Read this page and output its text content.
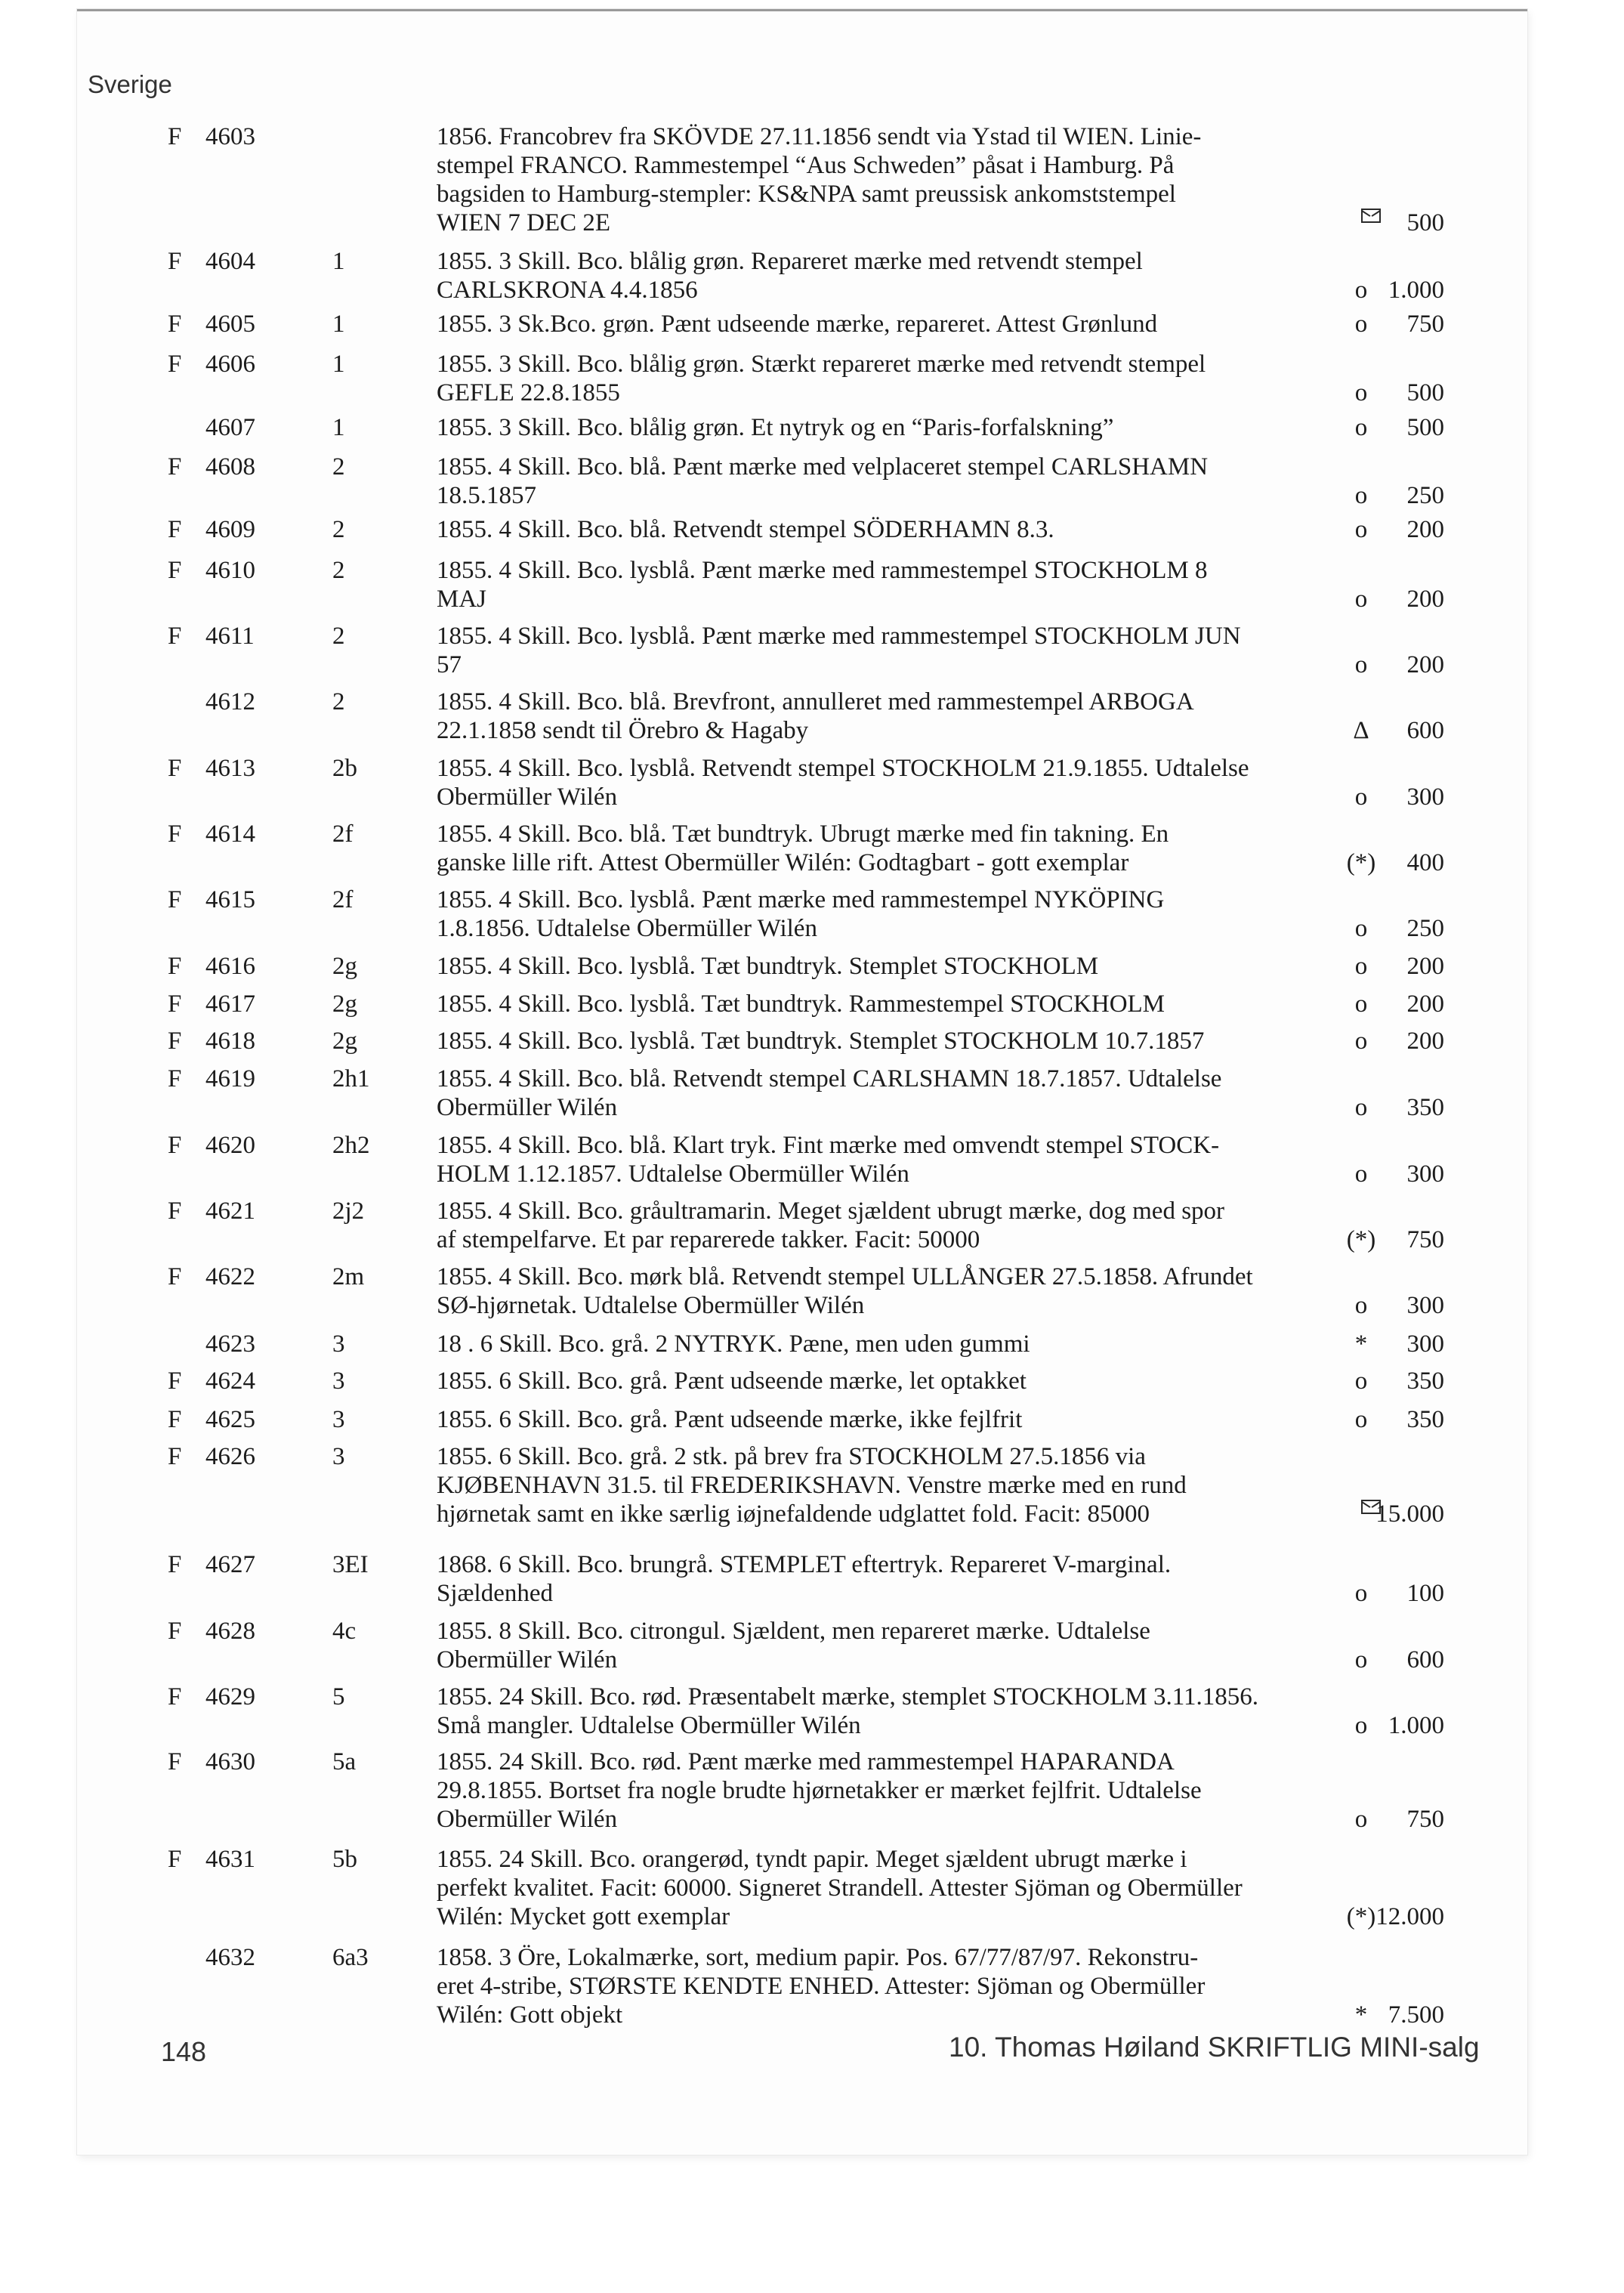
Sverige
F 4603	1856. Francobrev fra SKÖVDE 27.11.1856 sendt via Ystad til WIEN. Linie-
stempel FRANCO. Rammestempel “Aus Schweden” påsat i Hamburg. På
bagsiden to Hamburg-stempler: KS&NPA samt preussisk ankomststempel
WIEN 7 DEC 2E	500
F 4604	1	1855. 3 Skill. Bco. blålig grøn. Repareret mærke med retvendt stempel
CARLSKRONA 4.4.1856	o 1.000
F 4605	1	1855. 3 Sk.Bco. grøn. Pænt udseende mærke, repareret. Attest Grønlund	o	750
F 4606	1	1855. 3 Skill. Bco. blålig grøn. Stærkt repareret mærke med retvendt stempel
GEFLE 22.8.1855	o	500
4607	1	1855. 3 Skill. Bco. blålig grøn. Et nytryk og en “Paris-forfalskning”	o	500
F 4608	2	1855. 4 Skill. Bco. blå. Pænt mærke med velplaceret stempel CARLSHAMN
18.5.1857	o	250
F 4609	2	1855. 4 Skill. Bco. blå. Retvendt stempel SÖDERHAMN 8.3.	o	200
F 4610	2	1855. 4 Skill. Bco. lysblå. Pænt mærke med rammestempel STOCKHOLM 8
MAJ	o	200
F 4611	2	1855. 4 Skill. Bco. lysblå. Pænt mærke med rammestempel STOCKHOLM JUN
57	o	200
4612	2	1855. 4 Skill. Bco. blå. Brevfront, annulleret med rammestempel ARBOGA
22.1.1858 sendt til Örebro & Hagaby	Δ	600
F 4613	2b	1855. 4 Skill. Bco. lysblå. Retvendt stempel STOCKHOLM 21.9.1855. Udtalelse
Obermüller Wilén	o	300
F 4614	2f	1855. 4 Skill. Bco. blå. Tæt bundtryk. Ubrugt mærke med fin takning. En
ganske lille rift. Attest Obermüller Wilén: Godtagbart - gott exemplar	(*)	400
F 4615	2f	1855. 4 Skill. Bco. lysblå. Pænt mærke med rammestempel NYKÖPING
1.8.1856. Udtalelse Obermüller Wilén	o	250
F 4616	2g	1855. 4 Skill. Bco. lysblå. Tæt bundtryk. Stemplet STOCKHOLM	o	200
F 4617	2g	1855. 4 Skill. Bco. lysblå. Tæt bundtryk. Rammestempel STOCKHOLM	o	200
F 4618	2g	1855. 4 Skill. Bco. lysblå. Tæt bundtryk. Stemplet STOCKHOLM 10.7.1857	o	200
F 4619	2h1	1855. 4 Skill. Bco. blå. Retvendt stempel CARLSHAMN 18.7.1857. Udtalelse
Obermüller Wilén	o	350
F 4620	2h2	1855. 4 Skill. Bco. blå. Klart tryk. Fint mærke med omvendt stempel STOCK-
HOLM 1.12.1857. Udtalelse Obermüller Wilén	o	300
F 4621	2j2	1855. 4 Skill. Bco. gråultramarin. Meget sjældent ubrugt mærke, dog med spor
af stempelfarve. Et par reparerede takker. Facit: 50000	(*)	750
F 4622	2m	1855. 4 Skill. Bco. mørk blå. Retvendt stempel ULLÅNGER 27.5.1858. Afrundet
SØ-hjørnetak. Udtalelse Obermüller Wilén	o	300
4623	3	18 . 6 Skill. Bco. grå. 2 NYTRYK. Pæne, men uden gummi	*	300
F 4624	3	1855. 6 Skill. Bco. grå. Pænt udseende mærke, let optakket	o	350
F 4625	3	1855. 6 Skill. Bco. grå. Pænt udseende mærke, ikke fejlfrit	o	350
F 4626	3	1855. 6 Skill. Bco. grå. 2 stk. på brev fra STOCKHOLM 27.5.1856 via
KJØBENHAVN 31.5. til FREDERIKSHAVN. Venstre mærke med en rund
hjørnetak samt en ikke særlig iøjnefaldende udglattet fold. Facit: 85000	15.000
F 4627	3EI	1868. 6 Skill. Bco. brungrå. STEMPLET eftertryk. Repareret V-marginal.
Sjældenhed	o	100
F 4628	4c	1855. 8 Skill. Bco. citrongul. Sjældent, men repareret mærke. Udtalelse
Obermüller Wilén	o	600
F 4629	5	1855. 24 Skill. Bco. rød. Præsentabelt mærke, stemplet STOCKHOLM 3.11.1856.
Små mangler. Udtalelse Obermüller Wilén	o 1.000
F 4630	5a	1855. 24 Skill. Bco. rød. Pænt mærke med rammestempel HAPARANDA
29.8.1855. Bortset fra nogle brudte hjørnetakker er mærket fejlfrit. Udtalelse
Obermüller Wilén	o	750
F 4631	5b	1855. 24 Skill. Bco. orangerød, tyndt papir. Meget sjældent ubrugt mærke i
perfekt kvalitet. Facit: 60000. Signeret Strandell. Attester Sjöman og Obermüller
Wilén: Mycket gott exemplar	(*) 12.000
4632	6a3	1858. 3 Öre, Lokalmærke, sort, medium papir. Pos. 67/77/87/97. Rekonstru-
eret 4-stribe, STØRSTE KENDTE ENHED. Attester: Sjöman og Obermüller
Wilén: Gott objekt	* 7.500
148	10. Thomas Høiland SKRIFTLIG MINI-salg
